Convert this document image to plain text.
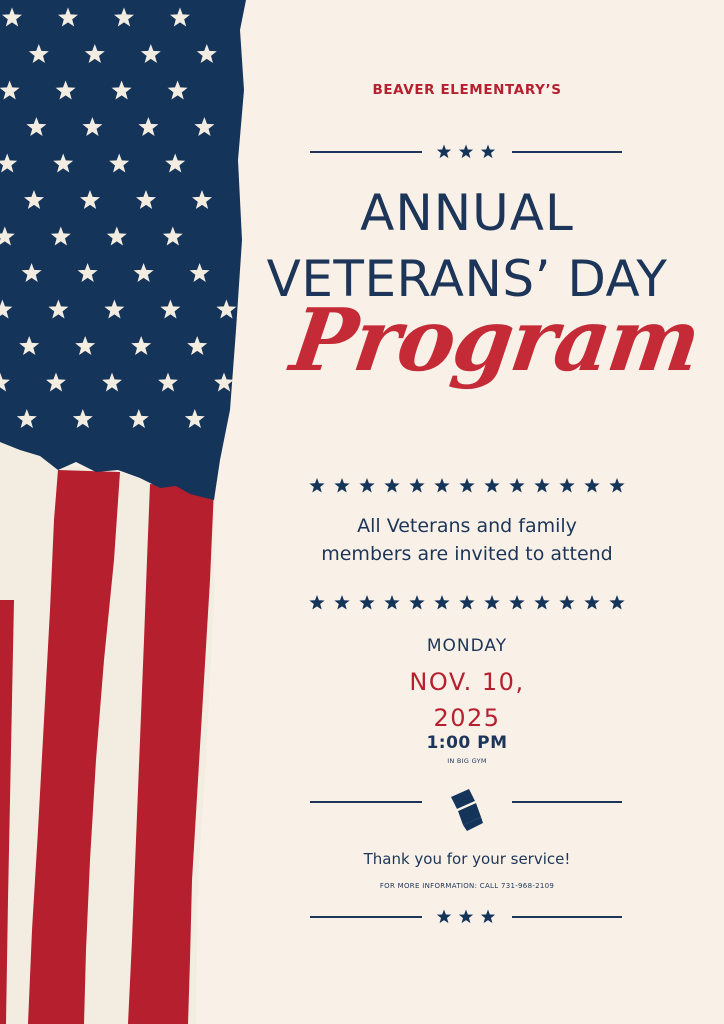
BEAVER ELEMENTARY’S
ANNUAL
VETERANS’ DAY
Program
All Veterans and family
members are invited to attend
MONDAY
NOV. 10,
2025
1:00 PM
IN BIG GYM
Thank you for your service!
FOR MORE INFORMATION: CALL 731-968-2109
